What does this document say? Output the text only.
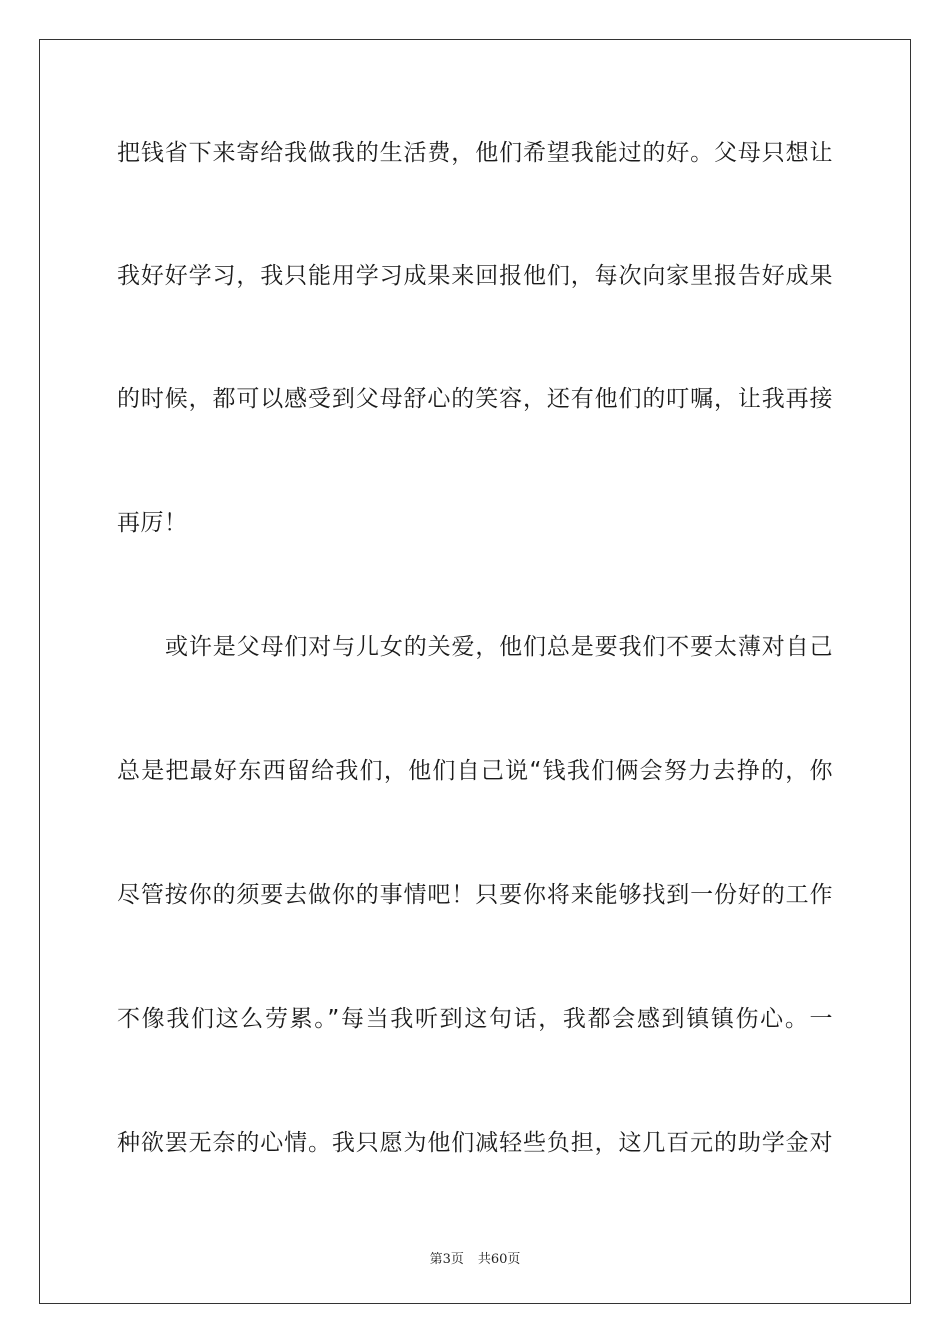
把钱省下来寄给我做我的生活费，他们希望我能过的好。父母只想让
我好好学习，我只能用学习成果来回报他们，每次向家里报告好成果
的时候，都可以感受到父母舒心的笑容，还有他们的叮嘱，让我再接
再厉！
或许是父母们对与儿女的关爱，他们总是要我们不要太薄对自己
总是把最好东西留给我们，他们自己说“钱我们俩会努力去挣的，你
尽管按你的须要去做你的事情吧！只要你将来能够找到一份好的工作
不像我们这么劳累。”每当我听到这句话，我都会感到镇镇伤心。一
种欲罢无奈的心情。我只愿为他们减轻些负担，这几百元的助学金对
第3页 共60页
